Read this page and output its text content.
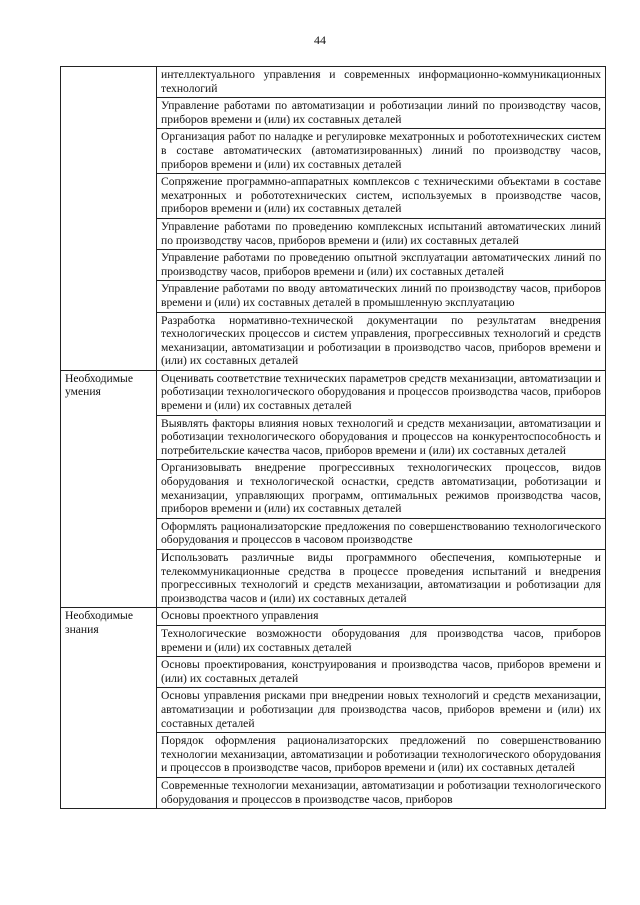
44
	интеллектуального управления и современных информационно-коммуникационных технологий
	Управление работами по автоматизации и роботизации линий по производству часов, приборов времени и (или) их составных деталей
	Организация работ по наладке и регулировке мехатронных и робототехнических систем в составе автоматических (автоматизированных) линий по производству часов, приборов времени и (или) их составных деталей
	Сопряжение программно-аппаратных комплексов с техническими объектами в составе мехатронных и робототехнических систем, используемых в производстве часов, приборов времени и (или) их составных деталей
	Управление работами по проведению комплексных испытаний автоматических линий по производству часов, приборов времени и (или) их составных деталей
	Управление работами по проведению опытной эксплуатации автоматических линий по производству часов, приборов времени и (или) их составных деталей
	Управление работами по вводу автоматических линий по производству часов, приборов времени и (или) их составных деталей в промышленную эксплуатацию
	Разработка нормативно-технической документации по результатам внедрения технологических процессов и систем управления, прогрессивных технологий и средств механизации, автоматизации и роботизации в производство часов, приборов времени и (или) их составных деталей
Необходимые умения	Оценивать соответствие технических параметров средств механизации, автоматизации и роботизации технологического оборудования и процессов производства часов, приборов времени и (или) их составных деталей
	Выявлять факторы влияния новых технологий и средств механизации, автоматизации и роботизации технологического оборудования и процессов на конкурентоспособность и потребительские качества часов, приборов времени и (или) их составных деталей
	Организовывать внедрение прогрессивных технологических процессов, видов оборудования и технологической оснастки, средств автоматизации, роботизации и механизации, управляющих программ, оптимальных режимов производства часов, приборов времени и (или) их составных деталей
	Оформлять рационализаторские предложения по совершенствованию технологического оборудования и процессов в часовом производстве
	Использовать различные виды программного обеспечения, компьютерные и телекоммуникационные средства в процессе проведения испытаний и внедрения прогрессивных технологий и средств механизации, автоматизации и роботизации для производства часов и (или) их составных деталей
Необходимые знания	Основы проектного управления
	Технологические возможности оборудования для производства часов, приборов времени и (или) их составных деталей
	Основы проектирования, конструирования и производства часов, приборов времени и (или) их составных деталей
	Основы управления рисками при внедрении новых технологий и средств механизации, автоматизации и роботизации для производства часов, приборов времени и (или) их составных деталей
	Порядок оформления рационализаторских предложений по совершенствованию технологии механизации, автоматизации и роботизации технологического оборудования и процессов в производстве часов, приборов времени и (или) их составных деталей
	Современные технологии механизации, автоматизации и роботизации технологического оборудования и процессов в производстве часов, приборов
